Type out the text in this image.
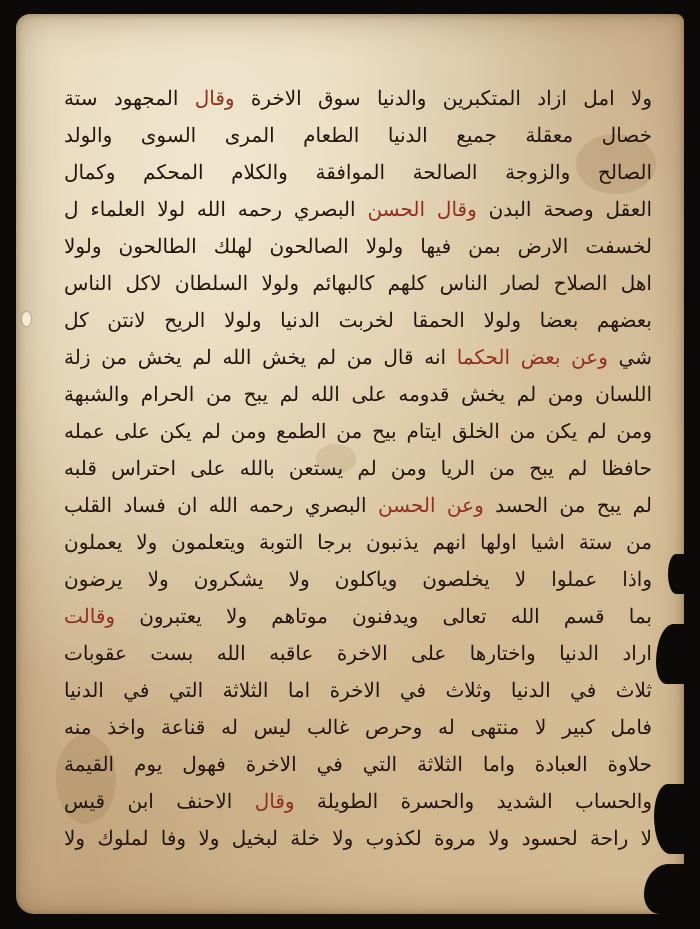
ولا امل ازاد المتكبرين والدنيا سوق الاخرة وقال المجهود ستة
خصال معقلة جميع الدنيا الطعام المرى السوى والولد
الصالح والزوجة الصالحة الموافقة والكلام المحكم وكمال
العقل وصحة البدن وقال الحسن البصري رحمه الله لولا العلماء ل
لخسفت الارض بمن فيها ولولا الصالحون لهلك الطالحون ولولا
اهل الصلاح لصار الناس كلهم كالبهائم ولولا السلطان لاكل الناس
بعضهم بعضا ولولا الحمقا لخربت الدنيا ولولا الريح لانتن كل
شي وعن بعض الحكما انه قال من لم يخش الله لم يخش من زلة
اللسان ومن لم يخش قدومه على الله لم يبح من الحرام والشبهة
ومن لم يكن من الخلق ايتام بيح من الطمع ومن لم يكن على عمله
حافظا لم يبح من الريا ومن لم يستعن بالله على احتراس قلبه
لم يبح من الحسد وعن الحسن البصري رحمه الله ان فساد القلب
من ستة اشيا اولها انهم يذنبون برجا التوبة ويتعلمون ولا يعملون
واذا عملوا لا يخلصون وياكلون ولا يشكرون ولا يرضون
بما قسم الله تعالى ويدفنون موتاهم ولا يعتبرون وقالت
اراد الدنيا واختارها على الاخرة عاقبه الله بست عقوبات
ثلاث في الدنيا وثلاث في الاخرة اما الثلاثة التي في الدنيا
فامل كبير لا منتهى له وحرص غالب ليس له قناعة واخذ منه
حلاوة العبادة واما الثلاثة التي في الاخرة فهول يوم القيمة
والحساب الشديد والحسرة الطويلة وقال الاحنف ابن قيس
لا راحة لحسود ولا مروة لكذوب ولا خلة لبخيل ولا وفا لملوك ولا
